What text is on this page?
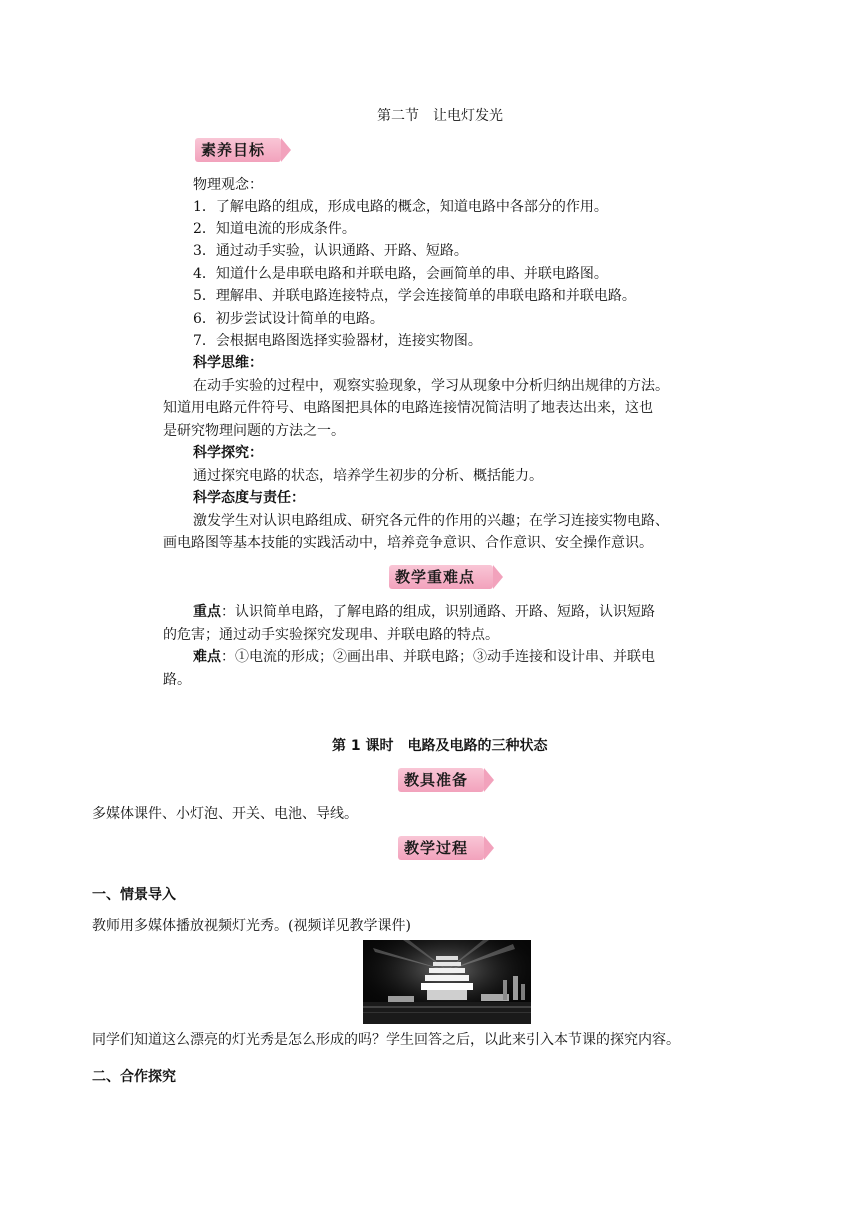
第二节　让电灯发光
素养目标
物理观念：
1．了解电路的组成，形成电路的概念，知道电路中各部分的作用。
2．知道电流的形成条件。
3．通过动手实验，认识通路、开路、短路。
4．知道什么是串联电路和并联电路，会画简单的串、并联电路图。
5．理解串、并联电路连接特点，学会连接简单的串联电路和并联电路。
6．初步尝试设计简单的电路。
7．会根据电路图选择实验器材，连接实物图。
科学思维：
在动手实验的过程中，观察实验现象，学习从现象中分析归纳出规律的方法。
知道用电路元件符号、电路图把具体的电路连接情况简洁明了地表达出来，这也
是研究物理问题的方法之一。
科学探究：
通过探究电路的状态，培养学生初步的分析、概括能力。
科学态度与责任：
激发学生对认识电路组成、研究各元件的作用的兴趣；在学习连接实物电路、
画电路图等基本技能的实践活动中，培养竞争意识、合作意识、安全操作意识。
教学重难点
重点：认识简单电路，了解电路的组成，识别通路、开路、短路，认识短路
的危害；通过动手实验探究发现串、并联电路的特点。
难点：①电流的形成；②画出串、并联电路；③动手连接和设计串、并联电
路。
第 1 课时　电路及电路的三种状态
教具准备
多媒体课件、小灯泡、开关、电池、导线。
教学过程
一、情景导入
教师用多媒体播放视频灯光秀。(视频详见教学课件)
同学们知道这么漂亮的灯光秀是怎么形成的吗？学生回答之后，以此来引入本节课的探究内容。
二、合作探究
